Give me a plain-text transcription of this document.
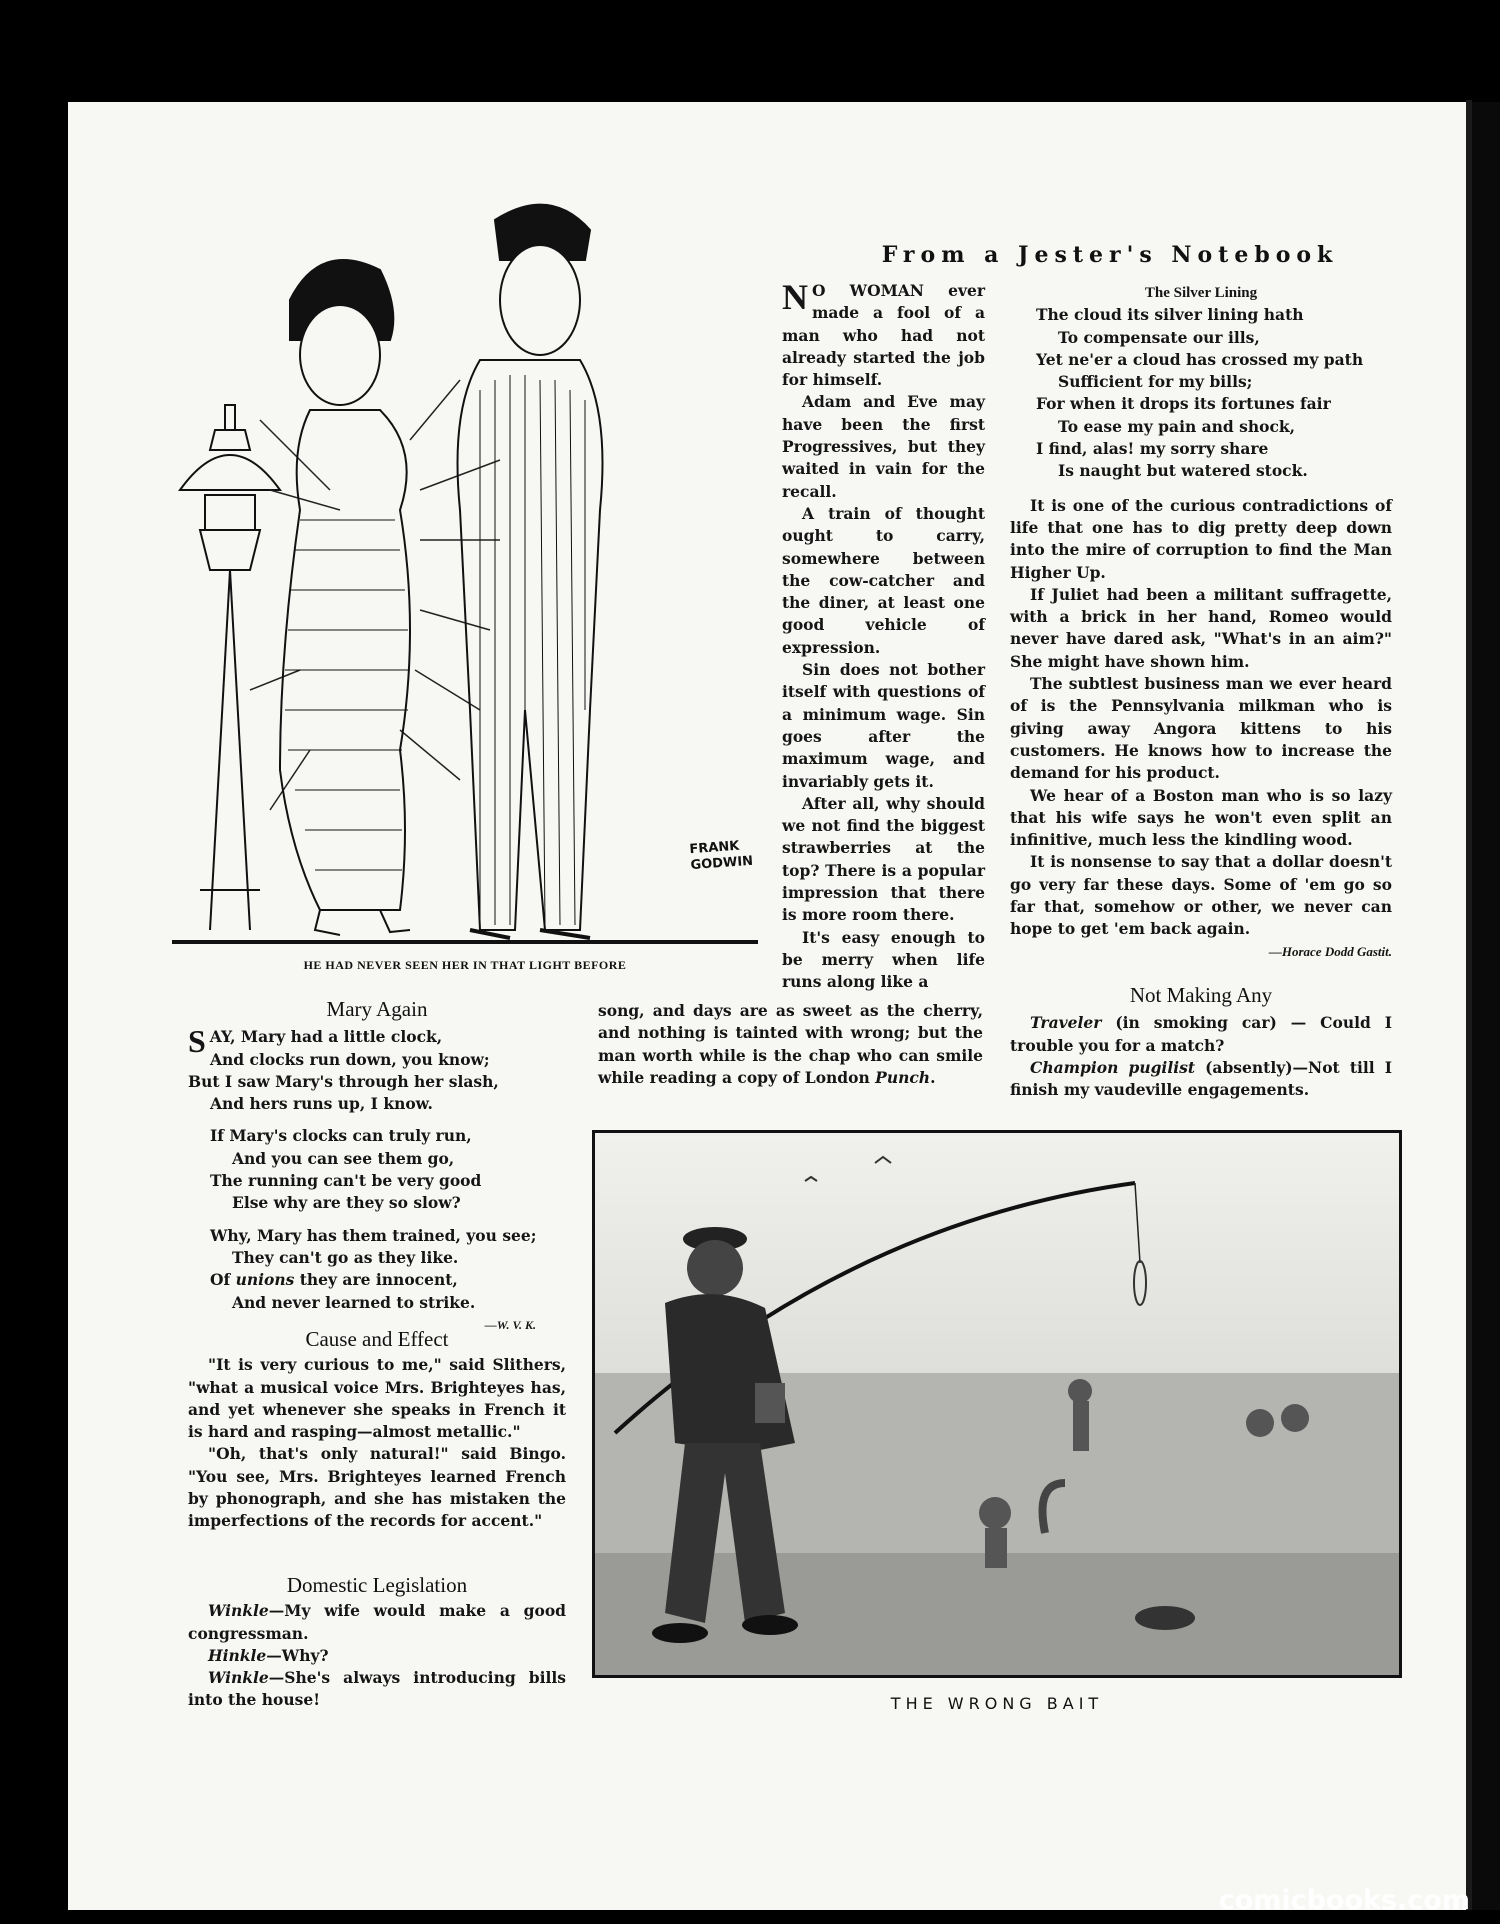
FRANK
GODWIN
HE HAD NEVER SEEN HER IN THAT LIGHT BEFORE
From a Jester's Notebook

N O WOMAN ever made a fool of a man who had not already started the job for himself.

Adam and Eve may have been the first Progressives, but they waited in vain for the recall.

A train of thought ought to carry, somewhere between the cow-catcher and the diner, at least one good vehicle of expression.

Sin does not bother itself with questions of a minimum wage. Sin goes after the maximum wage, and invariably gets it.

After all, why should we not find the biggest strawberries at the top? There is a popular impression that there is more room there.

It's easy enough to be merry when life runs along like a

song, and days are as sweet as the cherry, and nothing is tainted with wrong; but the man worth while is the chap who can smile while reading a copy of London Punch.

The Silver Lining
The cloud its silver lining hath
To compensate our ills,
Yet ne'er a cloud has crossed my path
Sufficient for my bills;
For when it drops its fortunes fair
To ease my pain and shock,
I find, alas! my sorry share
Is naught but watered stock.

It is one of the curious contradictions of life that one has to dig pretty deep down into the mire of corruption to find the Man Higher Up.

If Juliet had been a militant suffragette, with a brick in her hand, Romeo would never have dared ask, "What's in an aim?" She might have shown him.

The subtlest business man we ever heard of is the Pennsylvania milkman who is giving away Angora kittens to his customers. He knows how to increase the demand for his product.

We hear of a Boston man who is so lazy that his wife says he won't even split an infinitive, much less the kindling wood.

It is nonsense to say that a dollar doesn't go very far these days. Some of 'em go so far that, somehow or other, we never can hope to get 'em back again.

—Horace Dodd Gastit.

Not Making Any

Traveler (in smoking car) — Could I trouble you for a match?

Champion pugilist (absently)—Not till I finish my vaudeville engagements.

Mary Again
SAY, Mary had a little clock,
And clocks run down, you know;
But I saw Mary's through her slash,
And hers runs up, I know.
If Mary's clocks can truly run,
And you can see them go,
The running can't be very good
Else why are they so slow?
Why, Mary has them trained, you see;
They can't go as they like.
Of unions they are innocent,
And never learned to strike.

—W. V. K.

Cause and Effect

"It is very curious to me," said Slithers, "what a musical voice Mrs. Brighteyes has, and yet whenever she speaks in French it is hard and rasping—almost metallic."

"Oh, that's only natural!" said Bingo. "You see, Mrs. Brighteyes learned French by phonograph, and she has mistaken the imperfections of the records for accent."

Domestic Legislation

Winkle—My wife would make a good congressman.

Hinkle—Why?

Winkle—She's always introducing bills into the house!	THE WRONG BAIT
comicbooks.com
